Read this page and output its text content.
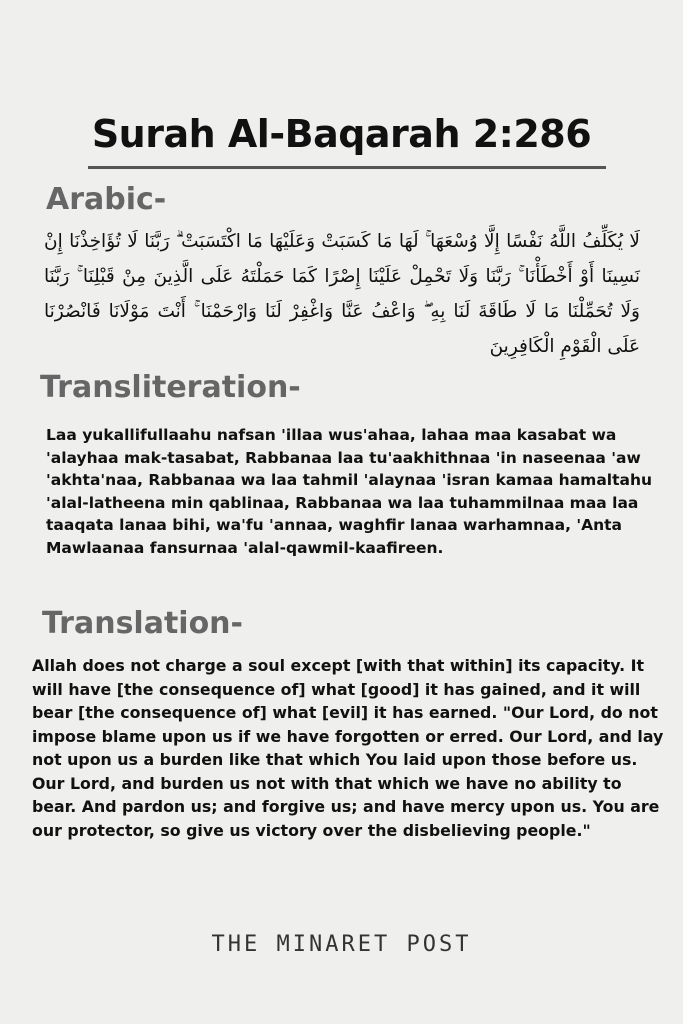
Surah Al-Baqarah 2:286
Arabic-
لَا يُكَلِّفُ اللَّهُ نَفْسًا إِلَّا وُسْعَهَا ۚ لَهَا مَا كَسَبَتْ وَعَلَيْهَا مَا اكْتَسَبَتْ ۗ رَبَّنَا لَا تُؤَاخِذْنَا إِنْ نَسِينَا أَوْ أَخْطَأْنَا ۚ رَبَّنَا وَلَا تَحْمِلْ عَلَيْنَا إِصْرًا كَمَا حَمَلْتَهُ عَلَى الَّذِينَ مِنْ قَبْلِنَا ۚ رَبَّنَا وَلَا تُحَمِّلْنَا مَا لَا طَاقَةَ لَنَا بِهِ ۖ وَاعْفُ عَنَّا وَاغْفِرْ لَنَا وَارْحَمْنَا ۚ أَنْتَ مَوْلَانَا فَانْصُرْنَا عَلَى الْقَوْمِ الْكَافِرِينَ
Transliteration-
Laa yukallifullaahu nafsan 'illaa wus'ahaa, lahaa maa kasabat wa 'alayhaa mak-tasabat, Rabbanaa laa tu'aakhithnaa 'in naseenaa 'aw 'akhta'naa, Rabbanaa wa laa tahmil 'alaynaa 'isran kamaa hamaltahu 'alal-latheena min qablinaa, Rabbanaa wa laa tuhammilnaa maa laa taaqata lanaa bihi, wa'fu 'annaa, waghfir lanaa warhamnaa, 'Anta Mawlaanaa fansurnaa 'alal-qawmil-kaafireen.
Translation-
Allah does not charge a soul except [with that within] its capacity. It will have [the consequence of] what [good] it has gained, and it will bear [the consequence of] what [evil] it has earned. "Our Lord, do not impose blame upon us if we have forgotten or erred. Our Lord, and lay not upon us a burden like that which You laid upon those before us. Our Lord, and burden us not with that which we have no ability to bear. And pardon us; and forgive us; and have mercy upon us. You are our protector, so give us victory over the disbelieving people."
THE MINARET POST
